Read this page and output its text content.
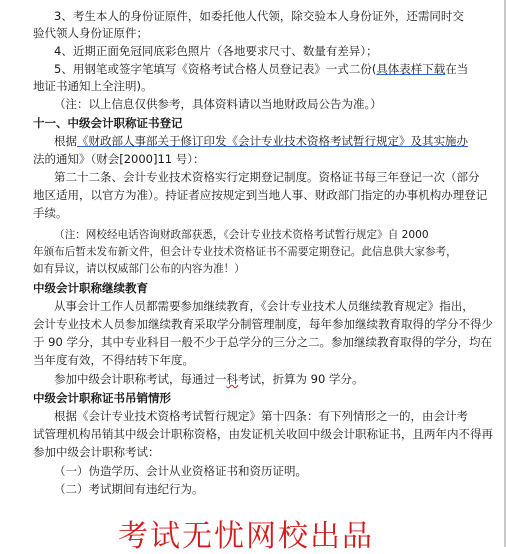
3、考生本人的身份证原件，如委托他人代领，除交验本人身份证外，还需同时交
验代领人身份证原件；
4、近期正面免冠同底彩色照片（各地要求尺寸、数量有差异）；
5、用钢笔或签字笔填写《资格考试合格人员登记表》一式二份(具体表样下载在当
地证书通知上全注明)。
（注：以上信息仅供参考，具体资料请以当地财政局公告为准。）
十一、中级会计职称证书登记
根据《财政部人事部关于修订印发《会计专业技术资格考试暂行规定》及其实施办
法的通知》（财会[2000]11 号）：
第二十二条、会计专业技术资格实行定期登记制度。资格证书每三年登记一次（部分
地区适用，以官方为准）。持证者应按规定到当地人事、财政部门指定的办事机构办理登记
手续。
（注：网校经电话咨询财政部获悉，《会计专业技术资格考试暂行规定》自 2000
年颁布后暂未发布新文件，但会计专业技术资格证书不需要定期登记。此信息供大家参考，
如有异议，请以权威部门公布的内容为准！）
中级会计职称继续教育
从事会计工作人员都需要参加继续教育，《会计专业技术人员继续教育规定》指出，
会计专业技术人员参加继续教育采取学分制管理制度，每年参加继续教育取得的学分不得少
于 90 学分，其中专业科目一般不少于总学分的三分之二。参加继续教育取得的学分，均在
当年度有效，不得结转下年度。
参加中级会计职称考试，每通过一科考试，折算为 90 学分。
中级会计职称证书吊销情形
根据《会计专业技术资格考试暂行规定》第十四条：有下列情形之一的，由会计考
试管理机构吊销其中级会计职称资格，由发证机关收回中级会计职称证书，且两年内不得再
参加中级会计职称考试：
（一）伪造学历、会计从业资格证书和资历证明。
（二）考试期间有违纪行为。
考试无忧网校出品
